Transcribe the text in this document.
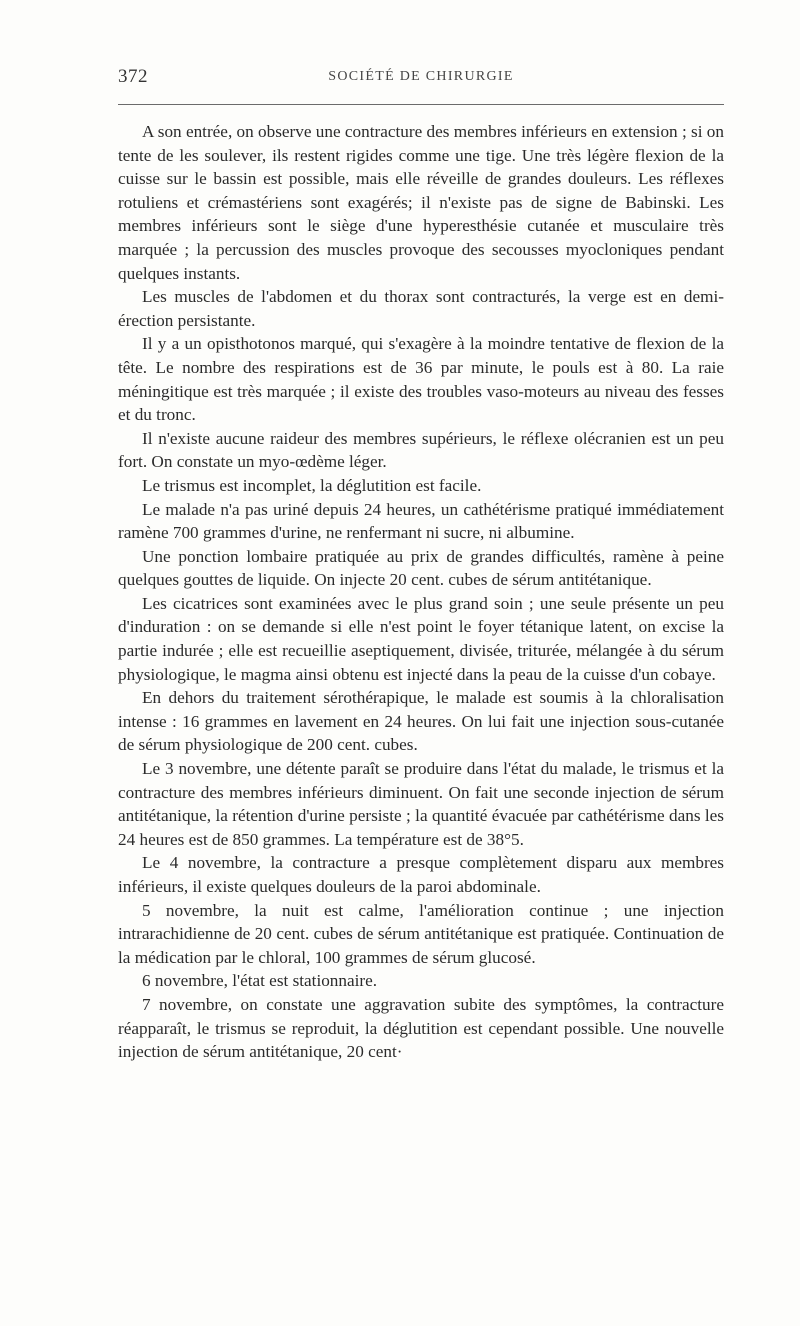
372	SOCIÉTÉ DE CHIRURGIE

A son entrée, on observe une contracture des membres inférieurs en extension ; si on tente de les soulever, ils restent rigides comme une tige. Une très légère flexion de la cuisse sur le bassin est possible, mais elle réveille de grandes douleurs. Les réflexes rotuliens et crémastériens sont exagérés; il n'existe pas de signe de Babinski. Les membres inférieurs sont le siège d'une hyperesthésie cutanée et musculaire très marquée ; la percussion des muscles provoque des secousses myocloniques pendant quelques instants.

Les muscles de l'abdomen et du thorax sont contracturés, la verge est en demi-érection persistante.

Il y a un opisthotonos marqué, qui s'exagère à la moindre tentative de flexion de la tête. Le nombre des respirations est de 36 par minute, le pouls est à 80. La raie méningitique est très marquée ; il existe des troubles vaso-moteurs au niveau des fesses et du tronc.

Il n'existe aucune raideur des membres supérieurs, le réflexe olécranien est un peu fort. On constate un myo-œdème léger.

Le trismus est incomplet, la déglutition est facile.

Le malade n'a pas uriné depuis 24 heures, un cathétérisme pratiqué immédiatement ramène 700 grammes d'urine, ne renfermant ni sucre, ni albumine.

Une ponction lombaire pratiquée au prix de grandes difficultés, ramène à peine quelques gouttes de liquide. On injecte 20 cent. cubes de sérum antitétanique.

Les cicatrices sont examinées avec le plus grand soin ; une seule présente un peu d'induration : on se demande si elle n'est point le foyer tétanique latent, on excise la partie indurée ; elle est recueillie aseptiquement, divisée, triturée, mélangée à du sérum physiologique, le magma ainsi obtenu est injecté dans la peau de la cuisse d'un cobaye.

En dehors du traitement sérothérapique, le malade est soumis à la chloralisation intense : 16 grammes en lavement en 24 heures. On lui fait une injection sous-cutanée de sérum physiologique de 200 cent. cubes.

Le 3 novembre, une détente paraît se produire dans l'état du malade, le trismus et la contracture des membres inférieurs diminuent. On fait une seconde injection de sérum antitétanique, la rétention d'urine persiste ; la quantité évacuée par cathétérisme dans les 24 heures est de 850 grammes. La température est de 38°5.

Le 4 novembre, la contracture a presque complètement disparu aux membres inférieurs, il existe quelques douleurs de la paroi abdominale.

5 novembre, la nuit est calme, l'amélioration continue ; une injection intrarachidienne de 20 cent. cubes de sérum antitétanique est pratiquée. Continuation de la médication par le chloral, 100 grammes de sérum glucosé.

6 novembre, l'état est stationnaire.

7 novembre, on constate une aggravation subite des symptômes, la contracture réapparaît, le trismus se reproduit, la déglutition est cependant possible. Une nouvelle injection de sérum antitétanique, 20 cent·
